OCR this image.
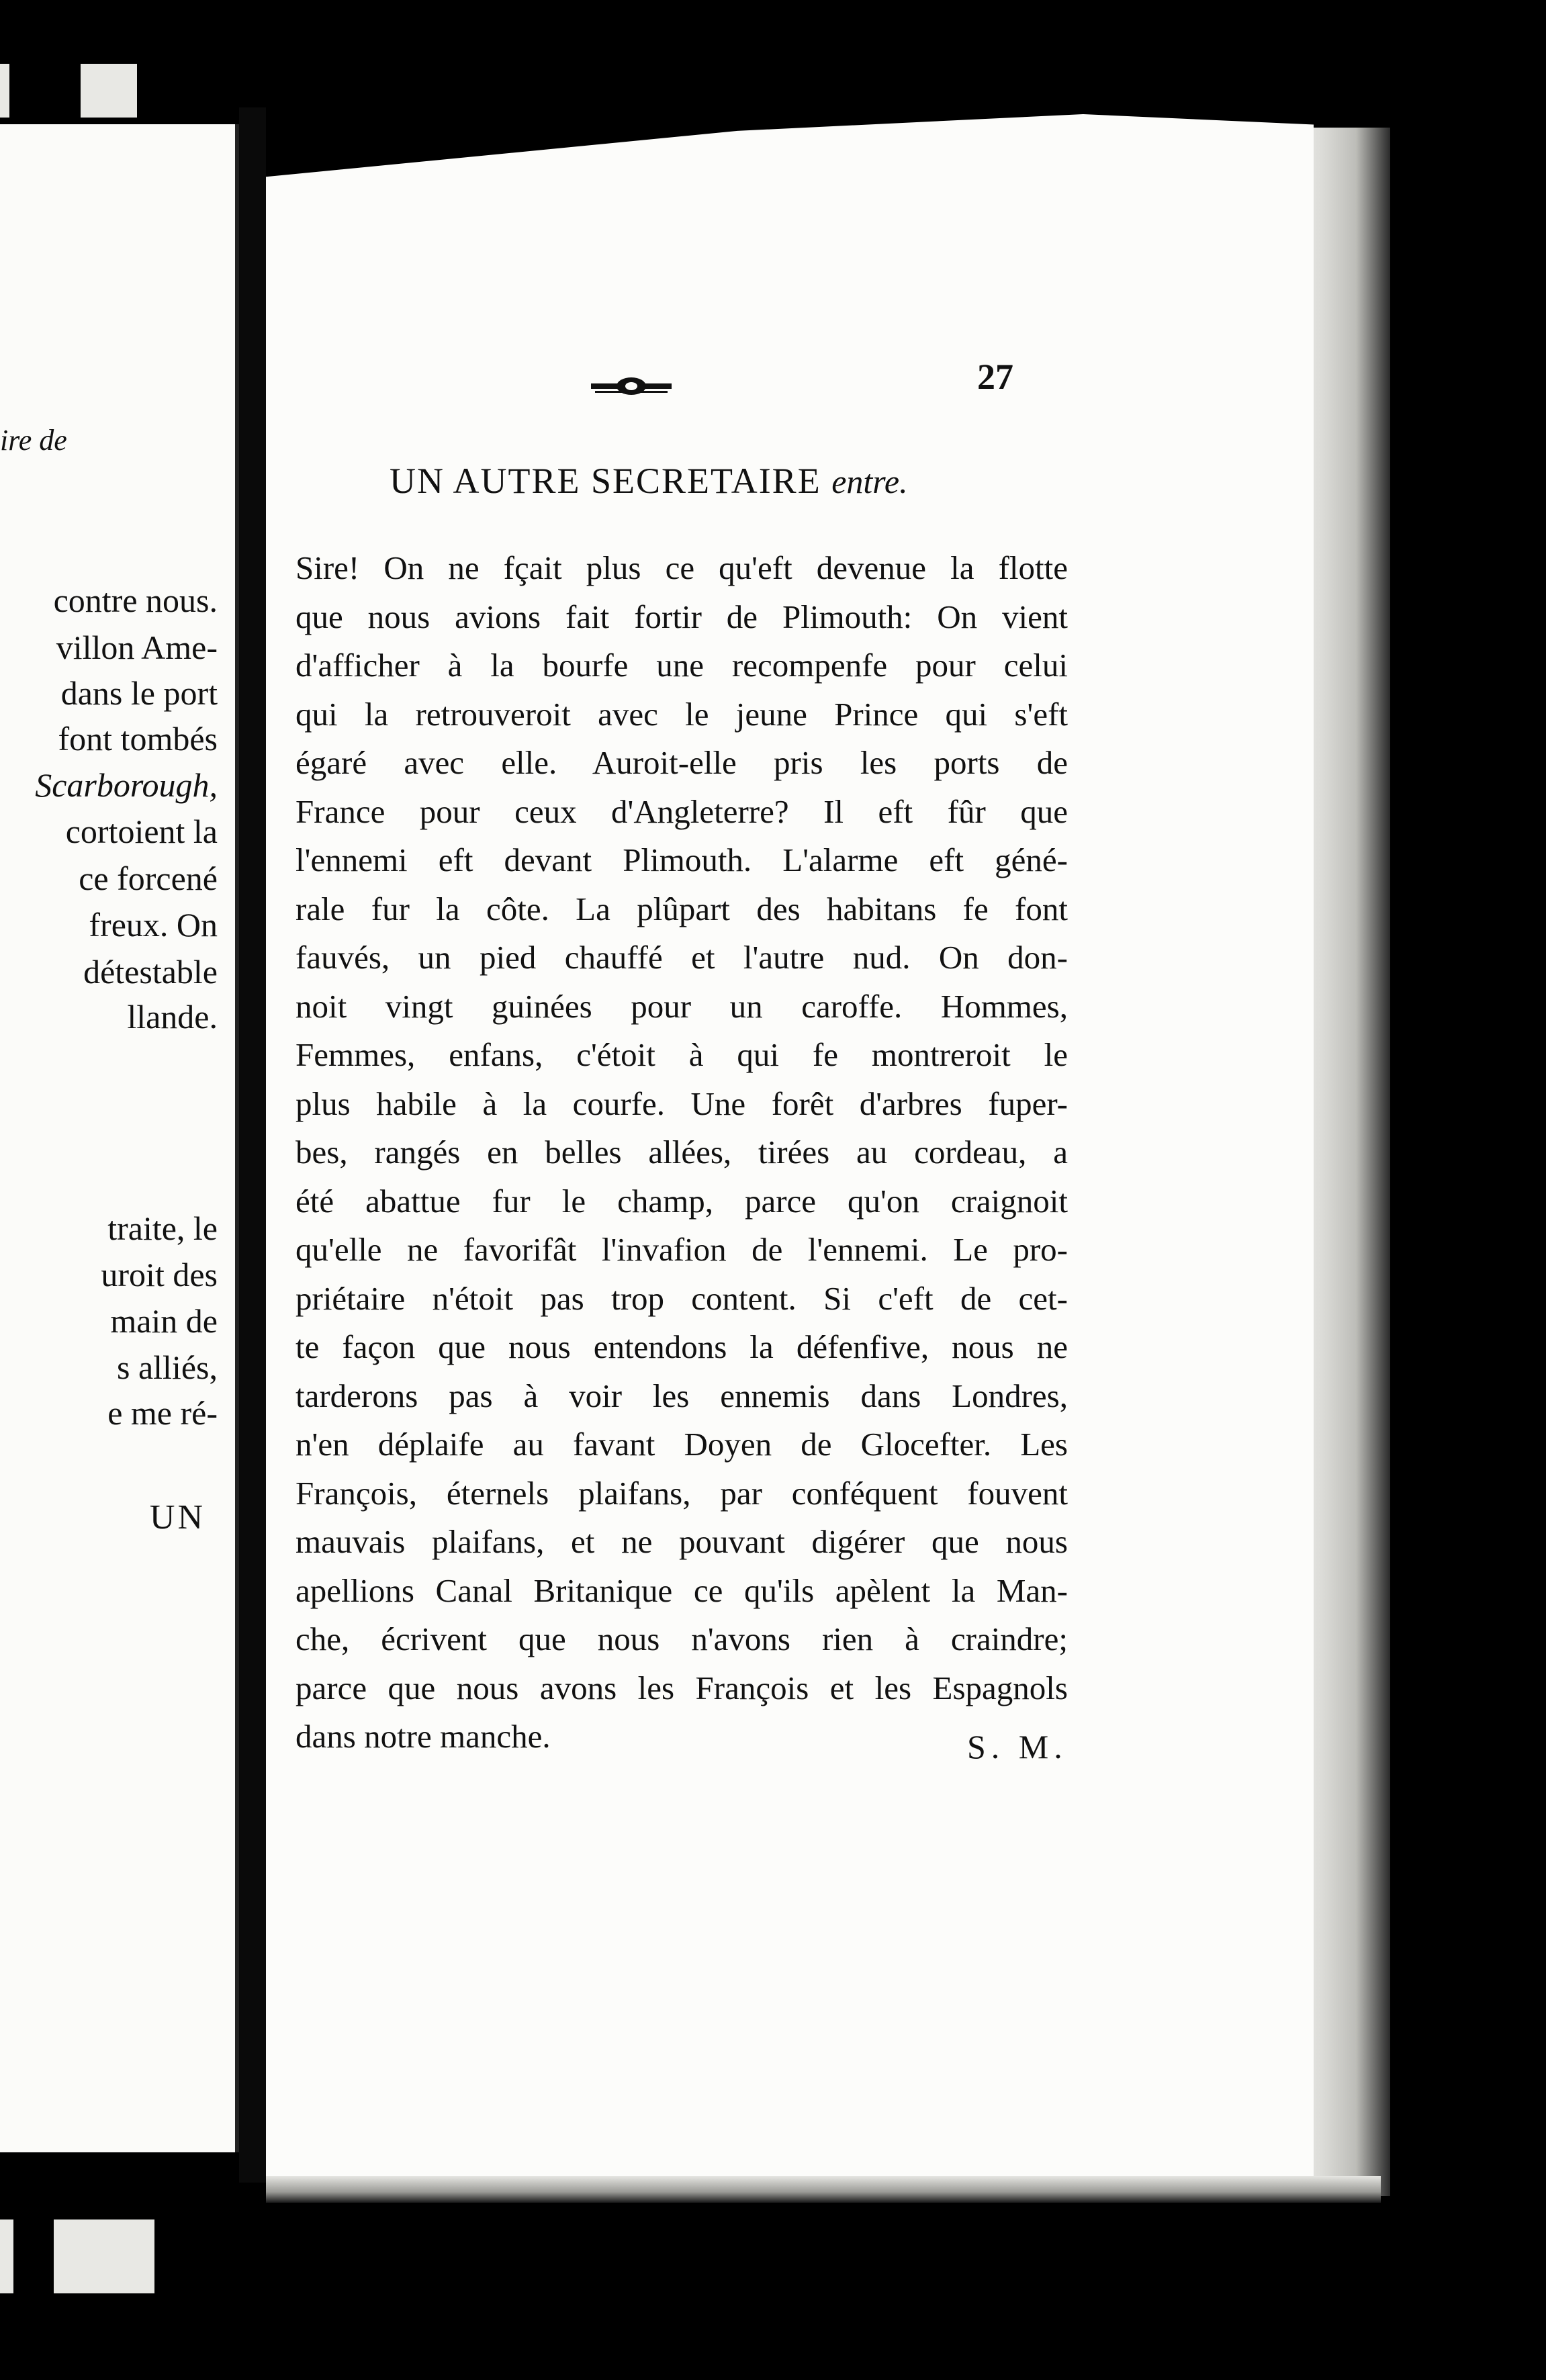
ire de
contre nous.
villon Ame-
dans le port
font tombés
Scarborough,
cortoient la
ce forcené
freux. On
détestable
llande.
traite, le
uroit des
main de
s alliés,
e me ré-
UN
27
UN AUTRE SECRETAIRE entre.
Sire! On ne fçait plus ce qu'eft devenue la flotte
que nous avions fait fortir de Plimouth: On vient
d'afficher à la bourfe une recompenfe pour celui
qui la retrouveroit avec le jeune Prince qui s'eft
égaré avec elle. Auroit-elle pris les ports de
France pour ceux d'Angleterre? Il eft fûr que
l'ennemi eft devant Plimouth. L'alarme eft géné-
rale fur la côte. La plûpart des habitans fe font
fauvés, un pied chauffé et l'autre nud. On don-
noit vingt guinées pour un caroffe. Hommes,
Femmes, enfans, c'étoit à qui fe montreroit le
plus habile à la courfe. Une forêt d'arbres fuper-
bes, rangés en belles allées, tirées au cordeau, a
été abattue fur le champ, parce qu'on craignoit
qu'elle ne favorifât l'invafion de l'ennemi. Le pro-
priétaire n'étoit pas trop content. Si c'eft de cet-
te façon que nous entendons la défenfive, nous ne
tarderons pas à voir les ennemis dans Londres,
n'en déplaife au favant Doyen de Glocefter. Les
François, éternels plaifans, par conféquent fouvent
mauvais plaifans, et ne pouvant digérer que nous
apellions Canal Britanique ce qu'ils apèlent la Man-
che, écrivent que nous n'avons rien à craindre;
parce que nous avons les François et les Espagnols
dans notre manche.	S. M.
